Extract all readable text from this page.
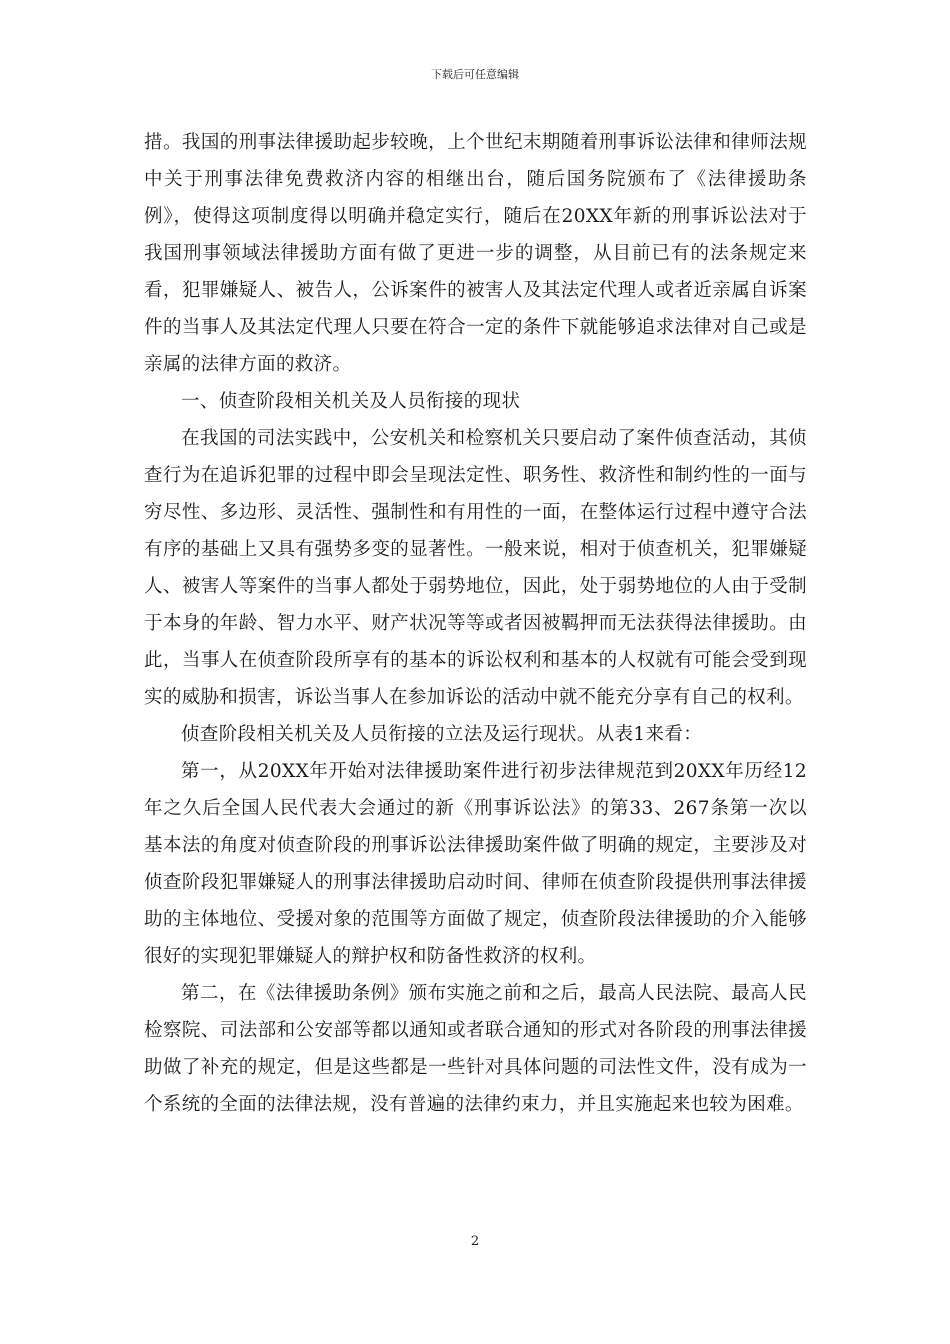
下载后可任意编辑

措。我国的刑事法律援助起步较晚，上个世纪末期随着刑事诉讼法律和律师法规中关于刑事法律免费救济内容的相继出台，随后国务院颁布了《法律援助条例》，使得这项制度得以明确并稳定实行，随后在20XX年新的刑事诉讼法对于我国刑事领域法律援助方面有做了更进一步的调整，从目前已有的法条规定来看，犯罪嫌疑人、被告人，公诉案件的被害人及其法定代理人或者近亲属自诉案件的当事人及其法定代理人只要在符合一定的条件下就能够追求法律对自己或是亲属的法律方面的救济。

一、侦查阶段相关机关及人员衔接的现状

在我国的司法实践中，公安机关和检察机关只要启动了案件侦查活动，其侦查行为在追诉犯罪的过程中即会呈现法定性、职务性、救济性和制约性的一面与穷尽性、多边形、灵活性、强制性和有用性的一面，在整体运行过程中遵守合法有序的基础上又具有强势多变的显著性。一般来说，相对于侦查机关，犯罪嫌疑人、被害人等案件的当事人都处于弱势地位，因此，处于弱势地位的人由于受制于本身的年龄、智力水平、财产状况等等或者因被羁押而无法获得法律援助。由此，当事人在侦查阶段所享有的基本的诉讼权利和基本的人权就有可能会受到现实的威胁和损害，诉讼当事人在参加诉讼的活动中就不能充分享有自己的权利。

侦查阶段相关机关及人员衔接的立法及运行现状。从表1来看：

第一，从20XX年开始对法律援助案件进行初步法律规范到20XX年历经12年之久后全国人民代表大会通过的新《刑事诉讼法》的第33、267条第一次以基本法的角度对侦查阶段的刑事诉讼法律援助案件做了明确的规定，主要涉及对侦查阶段犯罪嫌疑人的刑事法律援助启动时间、律师在侦查阶段提供刑事法律援助的主体地位、受援对象的范围等方面做了规定，侦查阶段法律援助的介入能够很好的实现犯罪嫌疑人的辩护权和防备性救济的权利。

第二，在《法律援助条例》颁布实施之前和之后，最高人民法院、最高人民检察院、司法部和公安部等都以通知或者联合通知的形式对各阶段的刑事法律援助做了补充的规定，但是这些都是一些针对具体问题的司法性文件，没有成为一个系统的全面的法律法规，没有普遍的法律约束力，并且实施起来也较为困难。

2
